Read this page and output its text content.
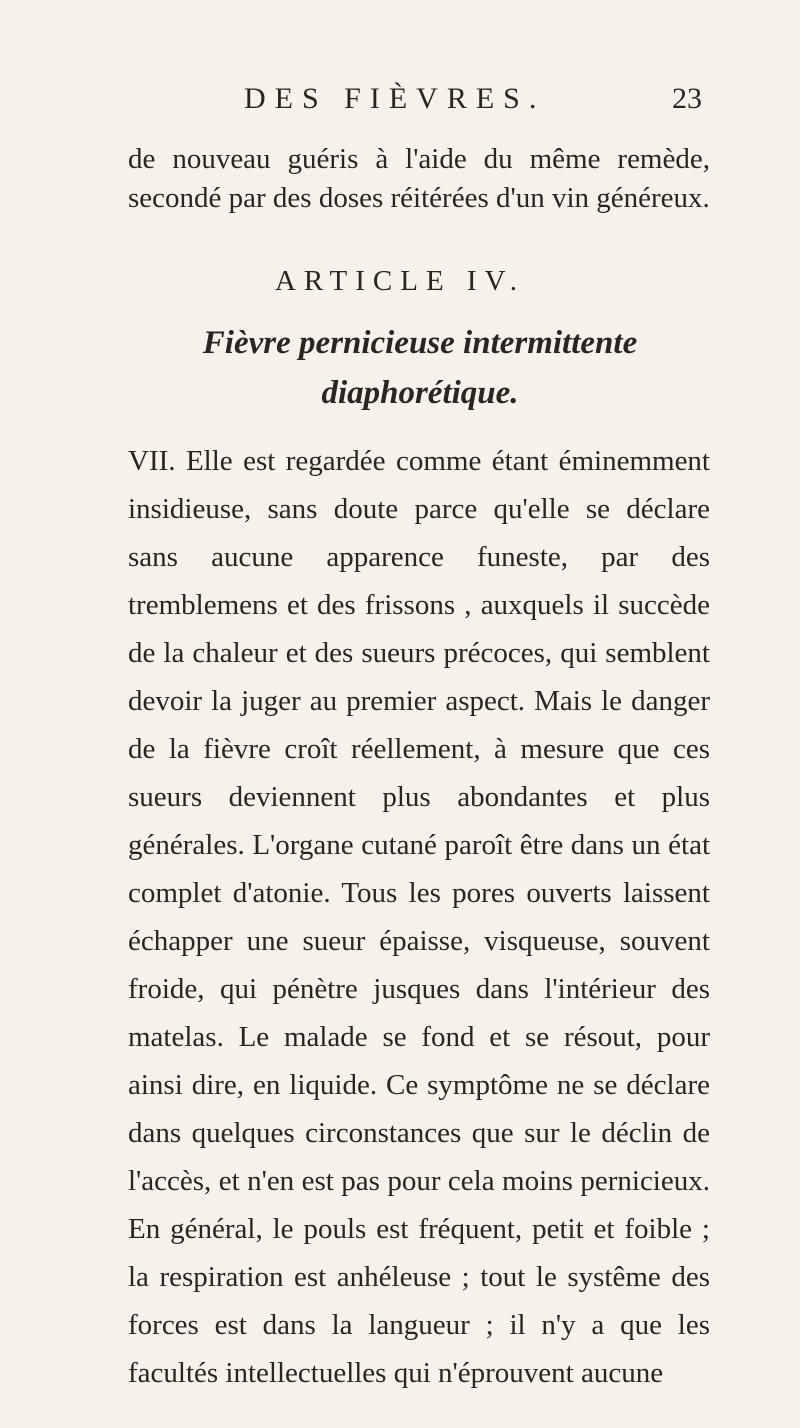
DES FIÈVRES.	23
de nouveau guéris à l'aide du même remède, secondé par des doses réitérées d'un vin généreux.
ARTICLE IV.
Fièvre pernicieuse intermittente diaphorétique.

VII. Elle est regardée comme étant éminemment insidieuse, sans doute parce qu'elle se déclare sans aucune apparence funeste, par des tremblemens et des frissons , auxquels il succède de la chaleur et des sueurs précoces, qui semblent devoir la juger au premier aspect. Mais le danger de la fièvre croît réellement, à mesure que ces sueurs deviennent plus abondantes et plus générales. L'organe cutané paroît être dans un état complet d'atonie. Tous les pores ouverts laissent échapper une sueur épaisse, visqueuse, souvent froide, qui pénètre jusques dans l'intérieur des matelas. Le malade se fond et se résout, pour ainsi dire, en liquide. Ce symptôme ne se déclare dans quelques circonstances que sur le déclin de l'accès, et n'en est pas pour cela moins pernicieux. En général, le pouls est fréquent, petit et foible ; la respiration est anhéleuse ; tout le systême des forces est dans la langueur ; il n'y a que les facultés intellectuelles qui n'éprouvent aucune
